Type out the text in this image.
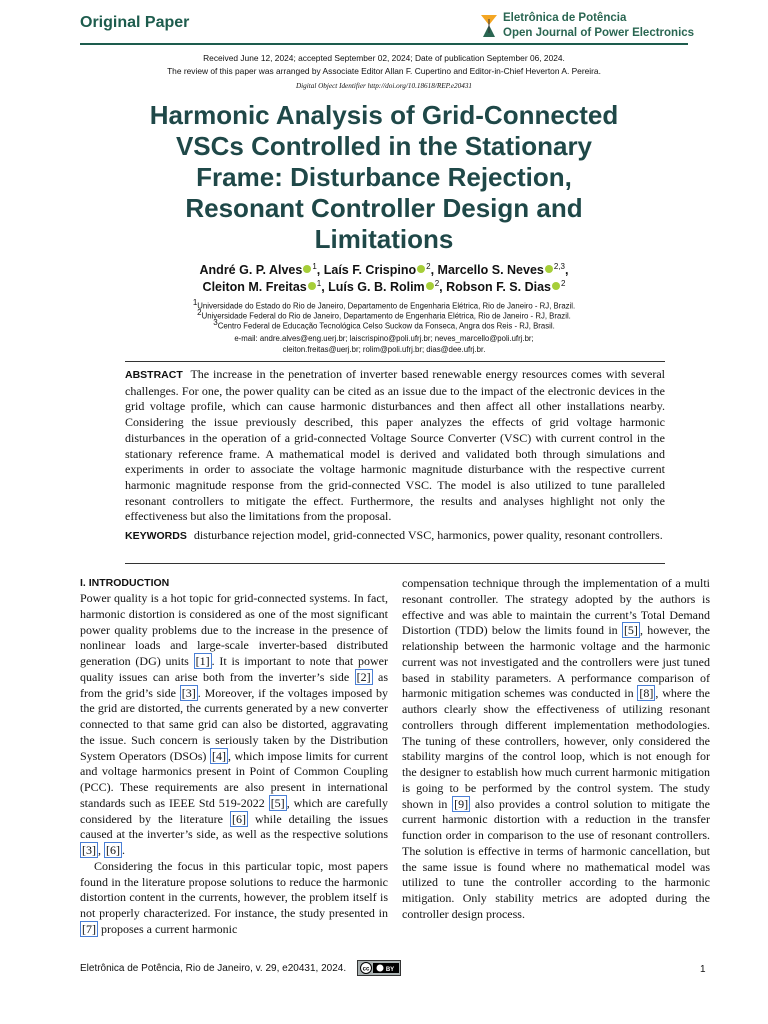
Original Paper	Eletrônica de Potência
Open Journal of Power Electronics
Received June 12, 2024; accepted September 02, 2024; Date of publication September 06, 2024.
The review of this paper was arranged by Associate Editor Allan F. Cupertino and Editor-in-Chief Heverton A. Pereira.
Digital Object Identifier http://doi.org/10.18618/REP.e20431
Harmonic Analysis of Grid-Connected
VSCs Controlled in the Stationary
Frame: Disturbance Rejection,
Resonant Controller Design and
Limitations
André G. P. Alves $^1$, Laís F. Crispino $^2$, Marcello S. Neves $^{2,3}$,
Cleiton M. Freitas $^1$, Luís G. B. Rolim $^2$, Robson F. S. Dias $^2$
$^1$Universidade do Estado do Rio de Janeiro, Departamento de Engenharia Elétrica, Rio de Janeiro - RJ, Brazil.
$^2$Universidade Federal do Rio de Janeiro, Departamento de Engenharia Elétrica, Rio de Janeiro - RJ, Brazil.
$^3$Centro Federal de Educação Tecnológica Celso Suckow da Fonseca, Angra dos Reis - RJ, Brasil.
e-mail: andre.alves@eng.uerj.br; laiscrispino@poli.ufrj.br; neves_marcello@poli.ufrj.br;
cleiton.freitas@uerj.br; rolim@poli.ufrj.br; dias@dee.ufrj.br.
ABSTRACT The increase in the penetration of inverter based renewable energy resources comes with several challenges. For one, the power quality can be cited as an issue due to the impact of the electronic devices in the grid voltage profile, which can cause harmonic disturbances and then affect all other installations nearby. Considering the issue previously described, this paper analyzes the effects of grid voltage harmonic disturbances in the operation of a grid-connected Voltage Source Converter (VSC) with current control in the stationary reference frame. A mathematical model is derived and validated both through simulations and experiments in order to associate the voltage harmonic magnitude disturbance with the respective current harmonic magnitude response from the grid-connected VSC. The model is also utilized to tune paralleled resonant controllers to mitigate the effect. Furthermore, the results and analyses highlight not only the effectiveness but also the limitations from the proposal.
KEYWORDS disturbance rejection model, grid-connected VSC, harmonics, power quality, resonant controllers.
I. INTRODUCTION

Power quality is a hot topic for grid-connected systems. In fact, harmonic distortion is considered as one of the most significant power quality problems due to the increase in the presence of nonlinear loads and large-scale inverter-based distributed generation (DG) units [1] . It is important to note that power quality issues can arise both from the inverter’s side [2] as from the grid’s side [3] . Moreover, if the voltages imposed by the grid are distorted, the currents generated by a new converter connected to that same grid can also be distorted, aggravating the issue. Such concern is seriously taken by the Distribution System Operators (DSOs) [4] , which impose limits for current and voltage harmonics present in Point of Common Coupling (PCC). These requirements are also present in international standards such as IEEE Std 519-2022 [5] , which are carefully considered by the literature [6] while detailing the issues caused at the inverter’s side, as well as the respective solutions [3] , [6] .

Considering the focus in this particular topic, most papers found in the literature propose solutions to reduce the harmonic distortion content in the currents, however, the problem itself is not properly characterized. For instance, the study presented in [7] proposes a current harmonic

compensation technique through the implementation of a multi resonant controller. The strategy adopted by the authors is effective and was able to maintain the current’s Total Demand Distortion (TDD) below the limits found in [5] , however, the relationship between the harmonic voltage and the harmonic current was not investigated and the controllers were just tuned based in stability parameters. A performance comparison of harmonic mitigation schemes was conducted in [8] , where the authors clearly show the effectiveness of utilizing resonant controllers through different implementation methodologies. The tuning of these controllers, however, only considered the stability margins of the control loop, which is not enough for the designer to establish how much current harmonic mitigation is going to be performed by the control system. The study shown in [9] also provides a control solution to mitigate the current harmonic distortion with a reduction in the transfer function order in comparison to the use of resonant controllers. The solution is effective in terms of harmonic cancellation, but the same issue is found where no mathematical model was utilized to tune the controller according to the harmonic mitigation. Only stability metrics are adopted during the controller design process.

Eletrônica de Potência, Rio de Janeiro, v. 29, e20431, 2024.	cc	BY	1
